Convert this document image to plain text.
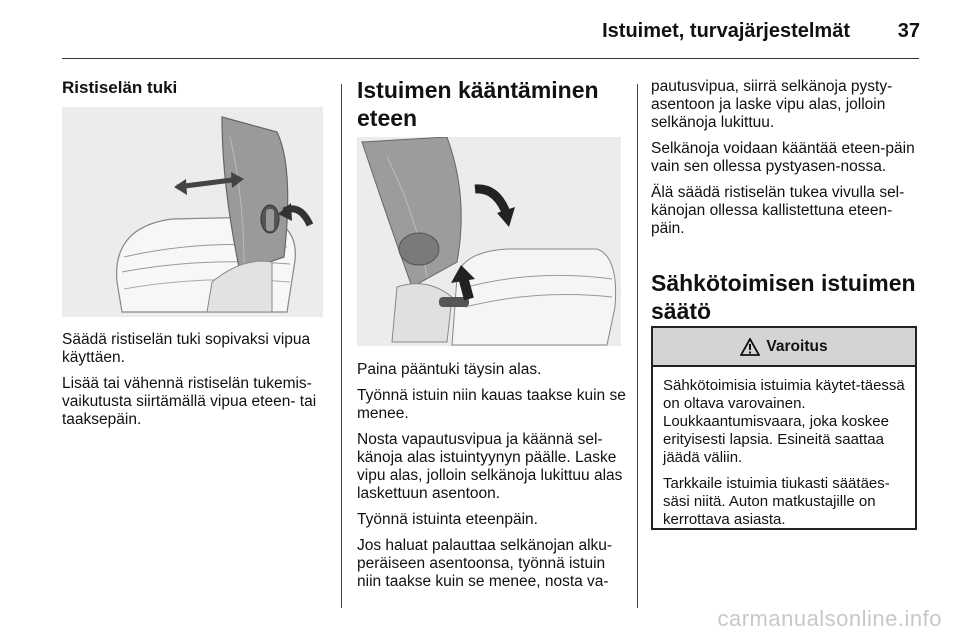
Istuimet, turvajärjestelmät	37
Ristiselän tuki

Säädä ristiselän tuki sopivaksi vipua käyttäen.

Lisää tai vähennä ristiselän tukemis-vaikutusta siirtämällä vipua eteen- tai taaksepäin.

Istuimen kääntäminen
eteen

Paina pääntuki täysin alas.

Työnnä istuin niin kauas taakse kuin se menee.

Nosta vapautusvipua ja käännä sel-känoja alas istuintyynyn päälle. Laske vipu alas, jolloin selkänoja lukittuu alas laskettuun asentoon.

Työnnä istuinta eteenpäin.

Jos haluat palauttaa selkänojan alku-peräiseen asentoonsa, työnnä istuin niin taakse kuin se menee, nosta va-

pautusvipua, siirrä selkänoja pysty-asentoon ja laske vipu alas, jolloin selkänoja lukittuu.

Selkänoja voidaan kääntää eteen-päin vain sen ollessa pystyasen-nossa.

Älä säädä ristiselän tukea vivulla sel-känojan ollessa kallistettuna eteen-päin.

Sähkötoimisen istuimen
säätö
Varoitus

Sähkötoimisia istuimia käytet-täessä on oltava varovainen. Loukkaantumisvaara, joka koskee erityisesti lapsia. Esineitä saattaa jäädä väliin.

Tarkkaile istuimia tiukasti säätäes-säsi niitä. Auton matkustajille on kerrottava asiasta.

carmanualsonline.info
